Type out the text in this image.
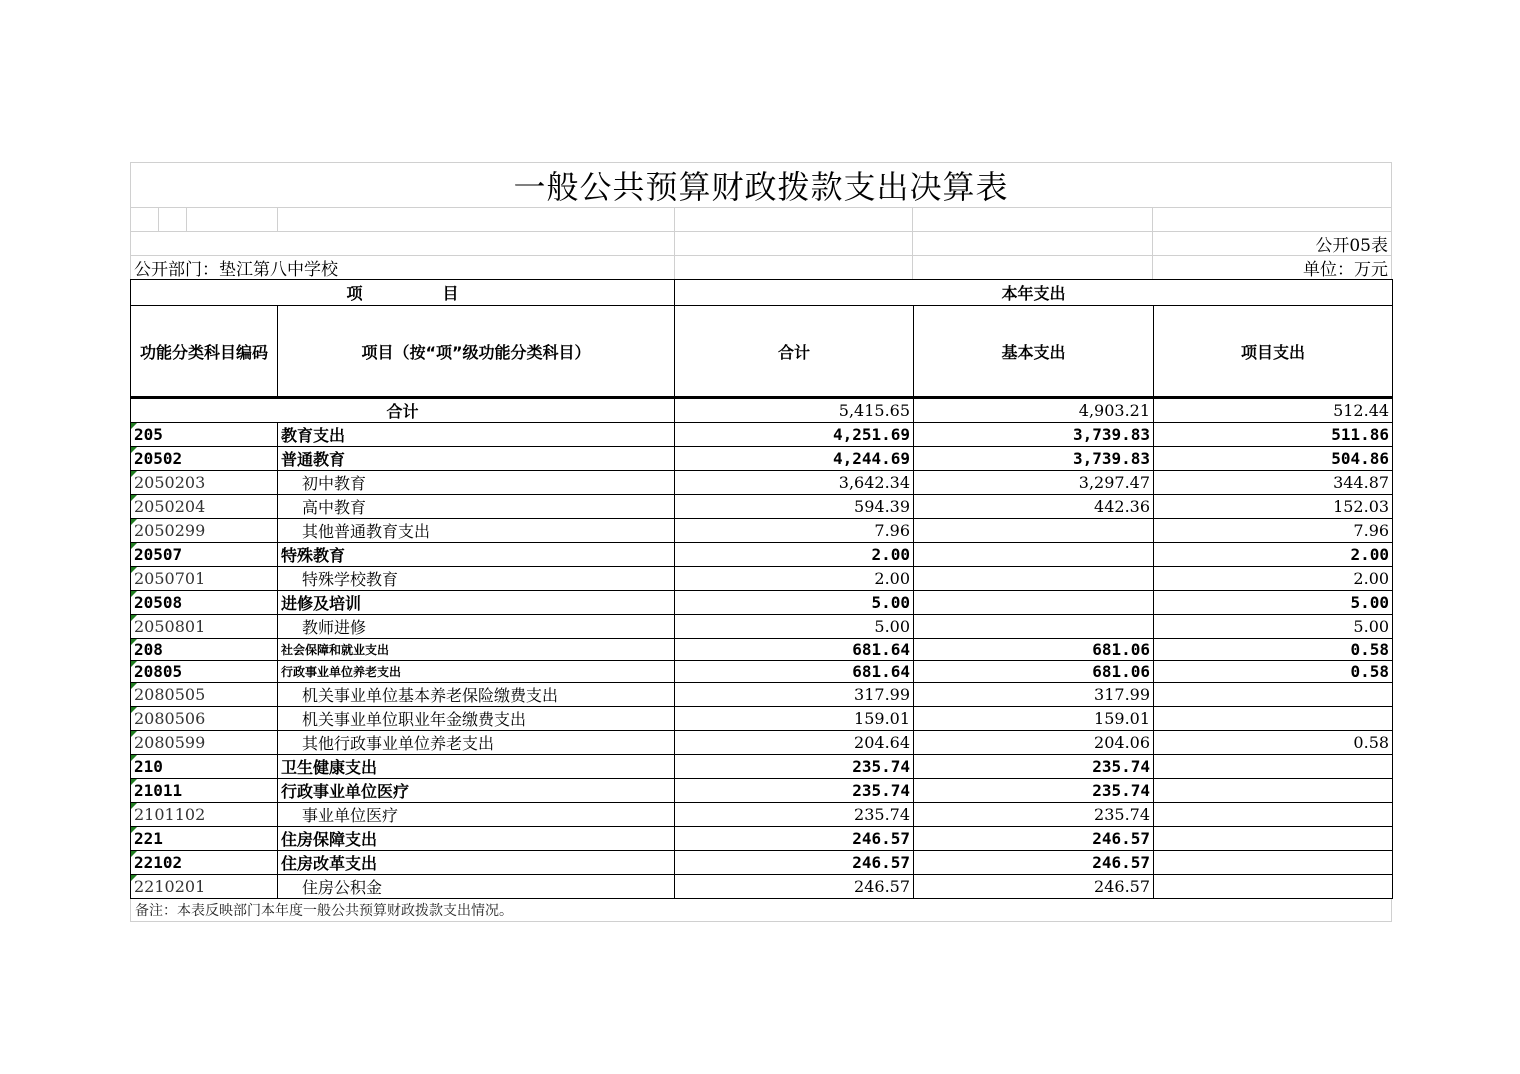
一般公共预算财政拨款支出决算表
公开05表
公开部门：垫江第八中学校	单位：万元
项　　　　　目		本年支出		
功能分类科目编码	项目（按“项”级功能分类科目）	合计	基本支出	项目支出
合计		5,415.65	4,903.21	512.44
205	教育支出	4,251.69	3,739.83	511.86
20502	普通教育	4,244.69	3,739.83	504.86
2050203	初中教育	3,642.34	3,297.47	344.87
2050204	高中教育	594.39	442.36	152.03
2050299	其他普通教育支出	7.96		7.96
20507	特殊教育	2.00		2.00
2050701	特殊学校教育	2.00		2.00
20508	进修及培训	5.00		5.00
2050801	教师进修	5.00		5.00
208	社会保障和就业支出	681.64	681.06	0.58
20805	行政事业单位养老支出	681.64	681.06	0.58
2080505	机关事业单位基本养老保险缴费支出	317.99	317.99	
2080506	机关事业单位职业年金缴费支出	159.01	159.01	
2080599	其他行政事业单位养老支出	204.64	204.06	0.58
210	卫生健康支出	235.74	235.74	
21011	行政事业单位医疗	235.74	235.74	
2101102	事业单位医疗	235.74	235.74	
221	住房保障支出	246.57	246.57	
22102	住房改革支出	246.57	246.57	
2210201	住房公积金	246.57	246.57	
备注：本表反映部门本年度一般公共预算财政拨款支出情况。
